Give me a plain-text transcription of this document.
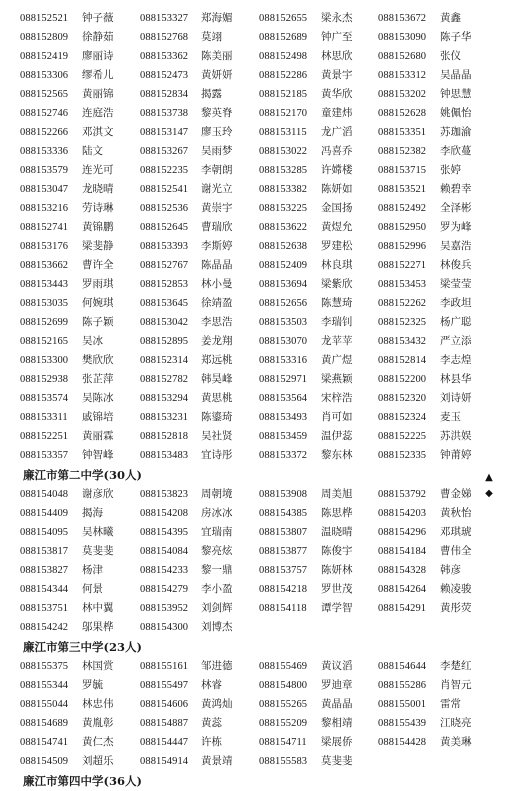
088152521 钟子薇	088153327 郑海媚	088152655 梁永杰 088153672 黄鑫
088152809 徐静茹	088152768 莫翊	088152689 钟广至 088153090 陈子华
088152419 廖丽诗	088153362 陈美丽	088152498 林思欣 088152680 张仪
088153306 缪希儿	088152473 黄妍妍	088152286 黄景宇 088153312 吴晶晶
088152565 黄丽锦	088152834 揭露	088152185 黄华欣 088153202 钟思慧
088152746 连庭浩	088153738 黎英脊	088152170 童建炜 088152628 姚佩怡
088152266 邓淇文	088153147 廖玉玲	088153115 龙广滔 088153351 苏珈渝
088153336 陆文	088153267 吴雨梦	088153022 冯喜乔 088152382 李欣蔓
088153579 连光可	088152235 李朝朗	088153285 许嫦楼 088153715 张婷
088153047 龙晓晴	088152541 谢光立	088153382 陈妍如 088153521 赖碧幸
088153216 劳诗琳	088152536 黄崇宇	088153225 金国扬 088152492 全泽彬
088152741 黄锦鹏	088152645 曹瑞欣	088153622 黄煜允 088152950 罗为峰
088153176 梁斐静	088153393 李斯婷	088152638 罗建松 088152996 吴嘉浩
088153662 曹许全	088152767 陈晶晶	088152409 林良琪 088152271 林俊兵
088153443 罗雨琪	088152853 林小曼	088153694 梁紫欣 088153453 梁莹莹
088153035 何婉琪	088153645 徐靖盈	088152656 陈慧琦 088152262 李政坦
088152699 陈子颖	088153042 李思浩	088153503 李瑞钊 088152325 杨广聪
088152165 吴冰	088152895 姜龙翔	088153070 龙苹苹 088153432 严立添
088153300 樊欣欣	088152314 郑远桃	088153316 黄广煜 088152814 李志煌
088152938 张芷萍	088152782 韩昊峰	088152971 梁燕颖 088152200 林县华
088153574 吴陈冰	088153294 黄思桃	088153564 宋梓浩 088152320 刘诗妍
088153311 戚锦培	088153231 陈鎏琦	088153493 肖可如 088152324 麦玉
088152251 黄丽霖	088152818 吴社贤	088153459 温伊蕊 088152225 苏洪娱
088153357 钟智峰	088153483 宜诗彤	088153372 黎东林 088152335 钟莆婷
廉江市第二中学(30人)
088154048 谢彦欣	088153823 周朝境	088153908 周美旭 088153792 曹金娣
088154409 揭海	088154208 房冰冰	088154385 陈思桦 088154203 黄秋怡
088154095 吴林曦	088154395 宜瑞南	088153807 温晓晴 088154296 邓琪琥
088153817 莫斐斐	088154084 黎亮炫	088153877 陈俊宇 088154184 曹伟全
088153827 杨津	088154233 黎一鼎	088153757 陈妍林 088154328 韩彦
088154344 何景	088154279 李小盈	088154218 罗世茂 088154264 赖凌骏
088153751 林中翼	088153952 刘剑辉	088154118 谭学智 088154291 黄彤荧
088154242 邬果桦	088154300 刘博杰
廉江市第三中学(23人)
088155375 林国赏	088155161 邹进德	088155469 黄议滔 088154644 李楚红
088155344 罗毓	088155497 林睿	088154800 罗迪章 088155286 肖智元
088155044 林忠伟	088154606 黄鸿灿	088155265 黄晶晶 088155001 雷常
088154689 黄胤彰	088154887 黄蕊	088155209 黎相靖 088155439 江晓亮
088154741 黄仁杰	088154447 许栋	088154711 梁展侨 088154428 黄美琳
088154509 刘超乐	088154914 黄景靖	088155583 莫斐斐
廉江市第四中学(36人)
▲
◆
